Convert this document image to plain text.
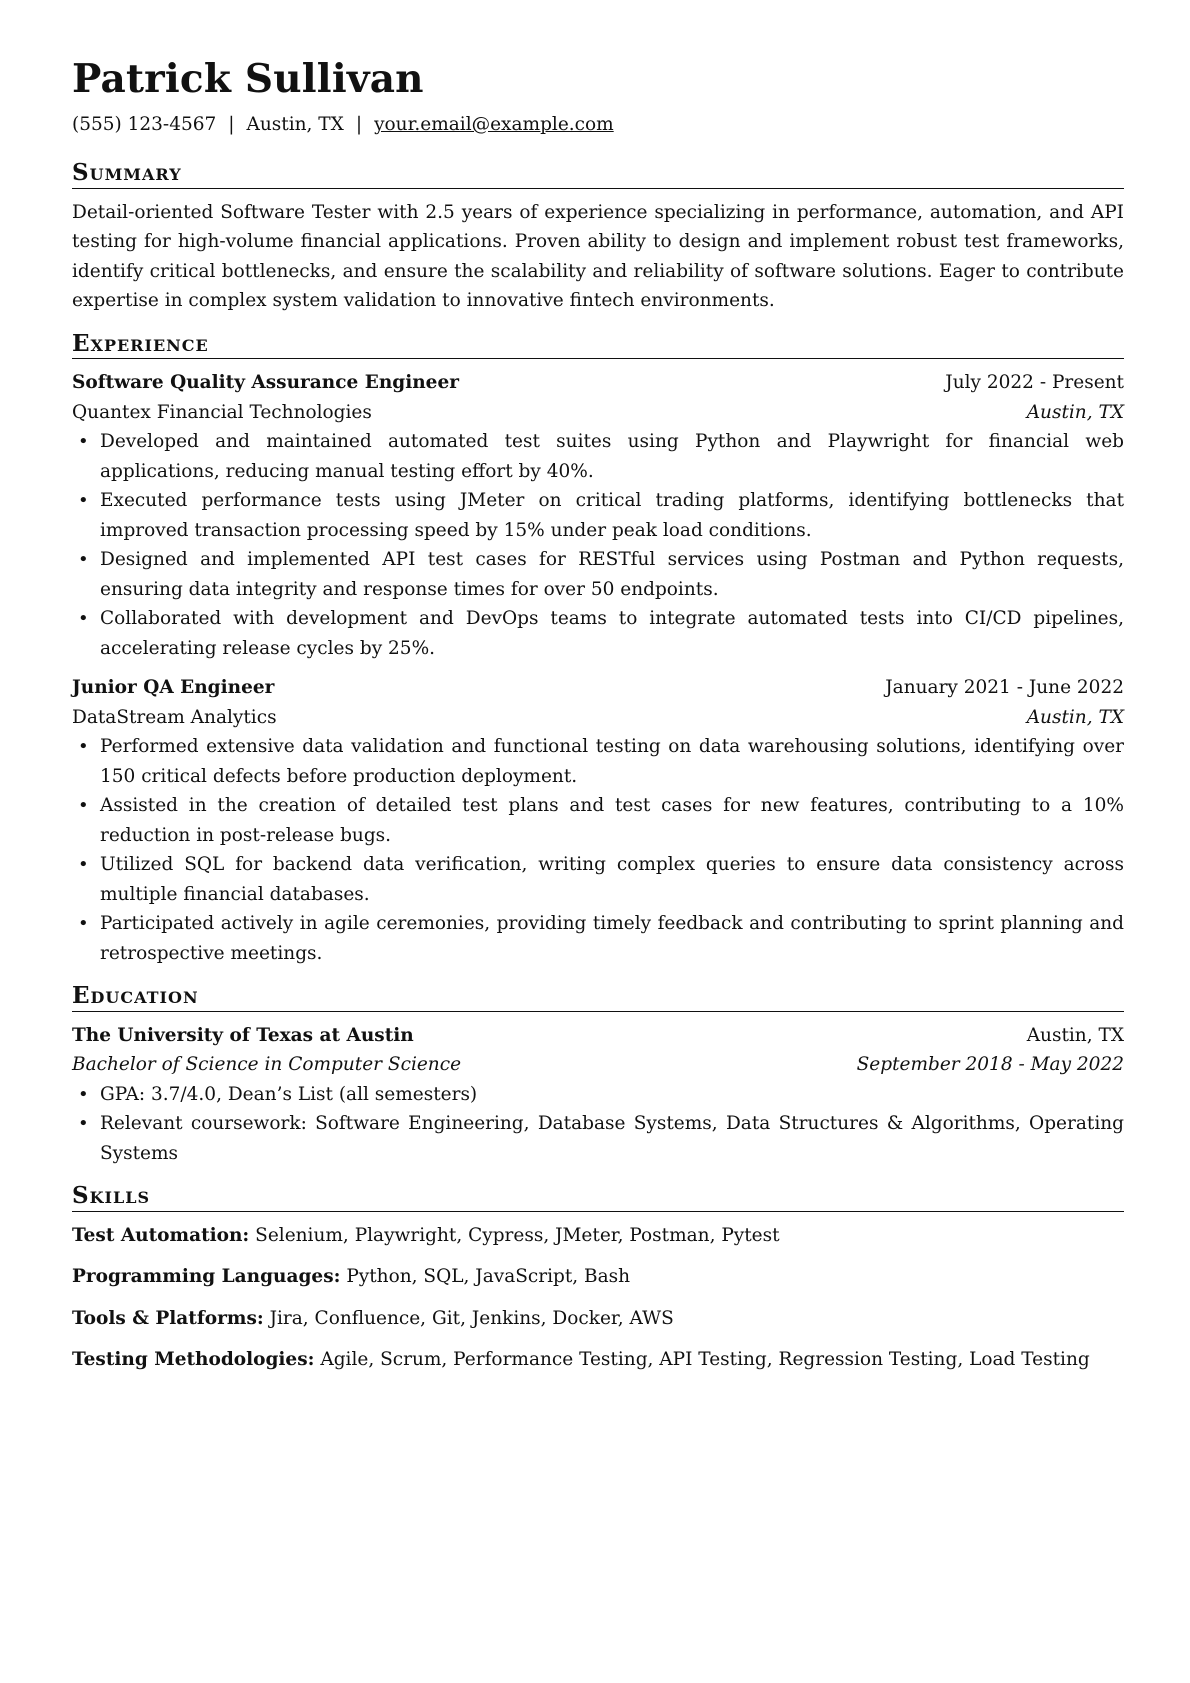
Patrick Sullivan
(555) 123-4567 | Austin, TX | your.email@example.com
Summary

Detail-oriented Software Tester with 2.5 years of experience specializing in performance, automation, and API testing for high-volume financial applications. Proven ability to design and implement robust test frameworks, identify critical bottlenecks, and ensure the scalability and reliability of software solutions. Eager to contribute expertise in complex system validation to innovative fintech environments.

Experience
Software Quality Assurance Engineer	July 2022 - Present
Quantex Financial Technologies	Austin, TX
• Developed and maintained automated test suites using Python and Playwright for financial web applications, reducing manual testing effort by 40%.
• Executed performance tests using JMeter on critical trading platforms, identifying bottlenecks that improved transaction processing speed by 15% under peak load conditions.
• Designed and implemented API test cases for RESTful services using Postman and Python requests, ensuring data integrity and response times for over 50 endpoints.
• Collaborated with development and DevOps teams to integrate automated tests into CI/CD pipelines, accelerating release cycles by 25%.
Junior QA Engineer	January 2021 - June 2022
DataStream Analytics	Austin, TX
• Performed extensive data validation and functional testing on data warehousing solutions, identifying over 150 critical defects before production deployment.
• Assisted in the creation of detailed test plans and test cases for new features, contributing to a 10% reduction in post-release bugs.
• Utilized SQL for backend data verification, writing complex queries to ensure data consistency across multiple financial databases.
• Participated actively in agile ceremonies, providing timely feedback and contributing to sprint planning and retrospective meetings.
Education
The University of Texas at Austin	Austin, TX
Bachelor of Science in Computer Science	September 2018 - May 2022
• GPA: 3.7/4.0, Dean’s List (all semesters)
• Relevant coursework: Software Engineering, Database Systems, Data Structures & Algorithms, Operating Systems
Skills

Test Automation: Selenium, Playwright, Cypress, JMeter, Postman, Pytest

Programming Languages: Python, SQL, JavaScript, Bash

Tools & Platforms: Jira, Confluence, Git, Jenkins, Docker, AWS

Testing Methodologies: Agile, Scrum, Performance Testing, API Testing, Regression Testing, Load Testing
